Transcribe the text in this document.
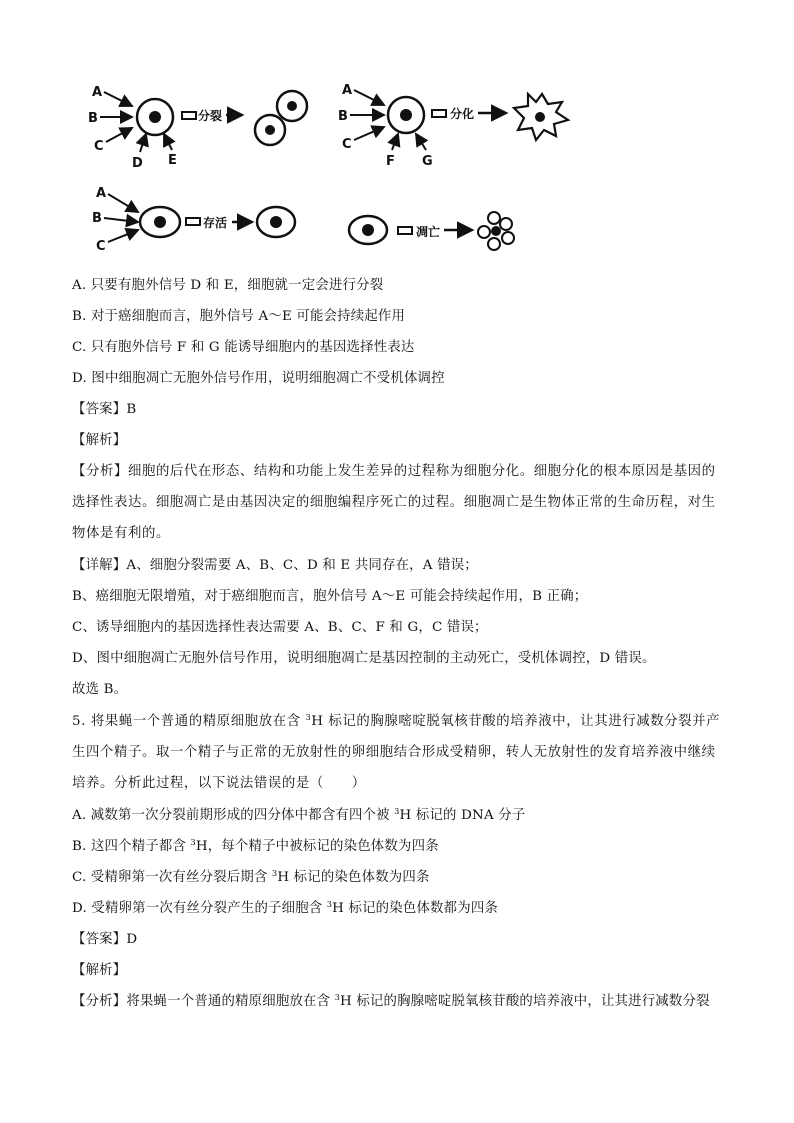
A
B
C
D E
分裂
A
B
C
F G
分化
A
B
C
存活
凋亡
A. 只要有胞外信号 D 和 E，细胞就一定会进行分裂
B. 对于癌细胞而言，胞外信号 A～E 可能会持续起作用
C. 只有胞外信号 F 和 G 能诱导细胞内的基因选择性表达
D. 图中细胞凋亡无胞外信号作用，说明细胞凋亡不受机体调控
【答案】B
【解析】
【分析】细胞的后代在形态、结构和功能上发生差异的过程称为细胞分化。细胞分化的根本原因是基因的选择性表达。细胞凋亡是由基因决定的细胞编程序死亡的过程。细胞凋亡是生物体正常的生命历程，对生物体是有利的。
【详解】A、细胞分裂需要 A、B、C、D 和 E 共同存在，A 错误；
B、癌细胞无限增殖，对于癌细胞而言，胞外信号 A～E 可能会持续起作用，B 正确；
C、诱导细胞内的基因选择性表达需要 A、B、C、F 和 G，C 错误；
D、图中细胞凋亡无胞外信号作用，说明细胞凋亡是基因控制的主动死亡，受机体调控，D 错误。
故选 B。
5. 将果蝇一个普通的精原细胞放在含 $^3$H 标记的胸腺嘧啶脱氧核苷酸的培养液中，让其进行减数分裂并产生四个精子。取一个精子与正常的无放射性的卵细胞结合形成受精卵，转人无放射性的发育培养液中继续培养。分析此过程，以下说法错误的是（　　）
A. 减数第一次分裂前期形成的四分体中都含有四个被 $^3$H 标记的 DNA 分子
B. 这四个精子都含 $^3$H，每个精子中被标记的染色体数为四条
C. 受精卵第一次有丝分裂后期含 $^3$H 标记的染色体数为四条
D. 受精卵第一次有丝分裂产生的子细胞含 $^3$H 标记的染色体数都为四条
【答案】D
【解析】
【分析】将果蝇一个普通的精原细胞放在含 $^3$H 标记的胸腺嘧啶脱氧核苷酸的培养液中，让其进行减数分裂
